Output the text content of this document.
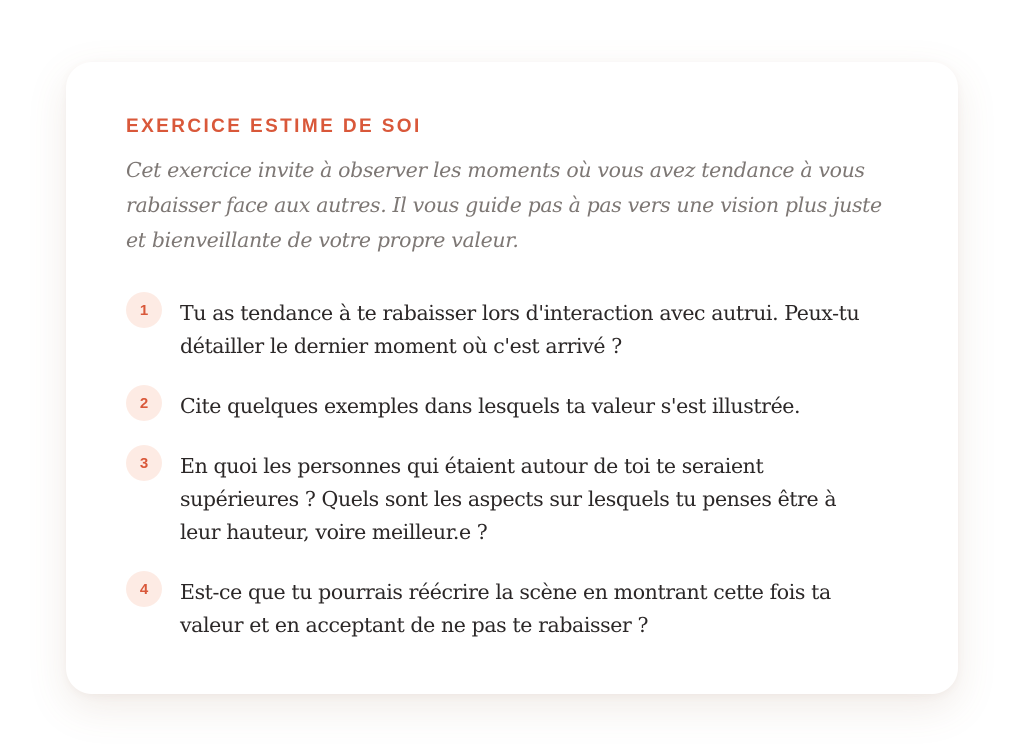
EXERCICE ESTIME DE SOI

Cet exercice invite à observer les moments où vous avez tendance à vous rabaisser face aux autres. Il vous guide pas à pas vers une vision plus juste et bienveillante de votre propre valeur.

1	Tu as tendance à te rabaisser lors d'interaction avec autrui. Peux-tu détailler le dernier moment où c'est arrivé ?
2	Cite quelques exemples dans lesquels ta valeur s'est illustrée.
3	En quoi les personnes qui étaient autour de toi te seraient supérieures ? Quels sont les aspects sur lesquels tu penses être à leur hauteur, voire meilleur.e ?
4	Est-ce que tu pourrais réécrire la scène en montrant cette fois ta valeur et en acceptant de ne pas te rabaisser ?
